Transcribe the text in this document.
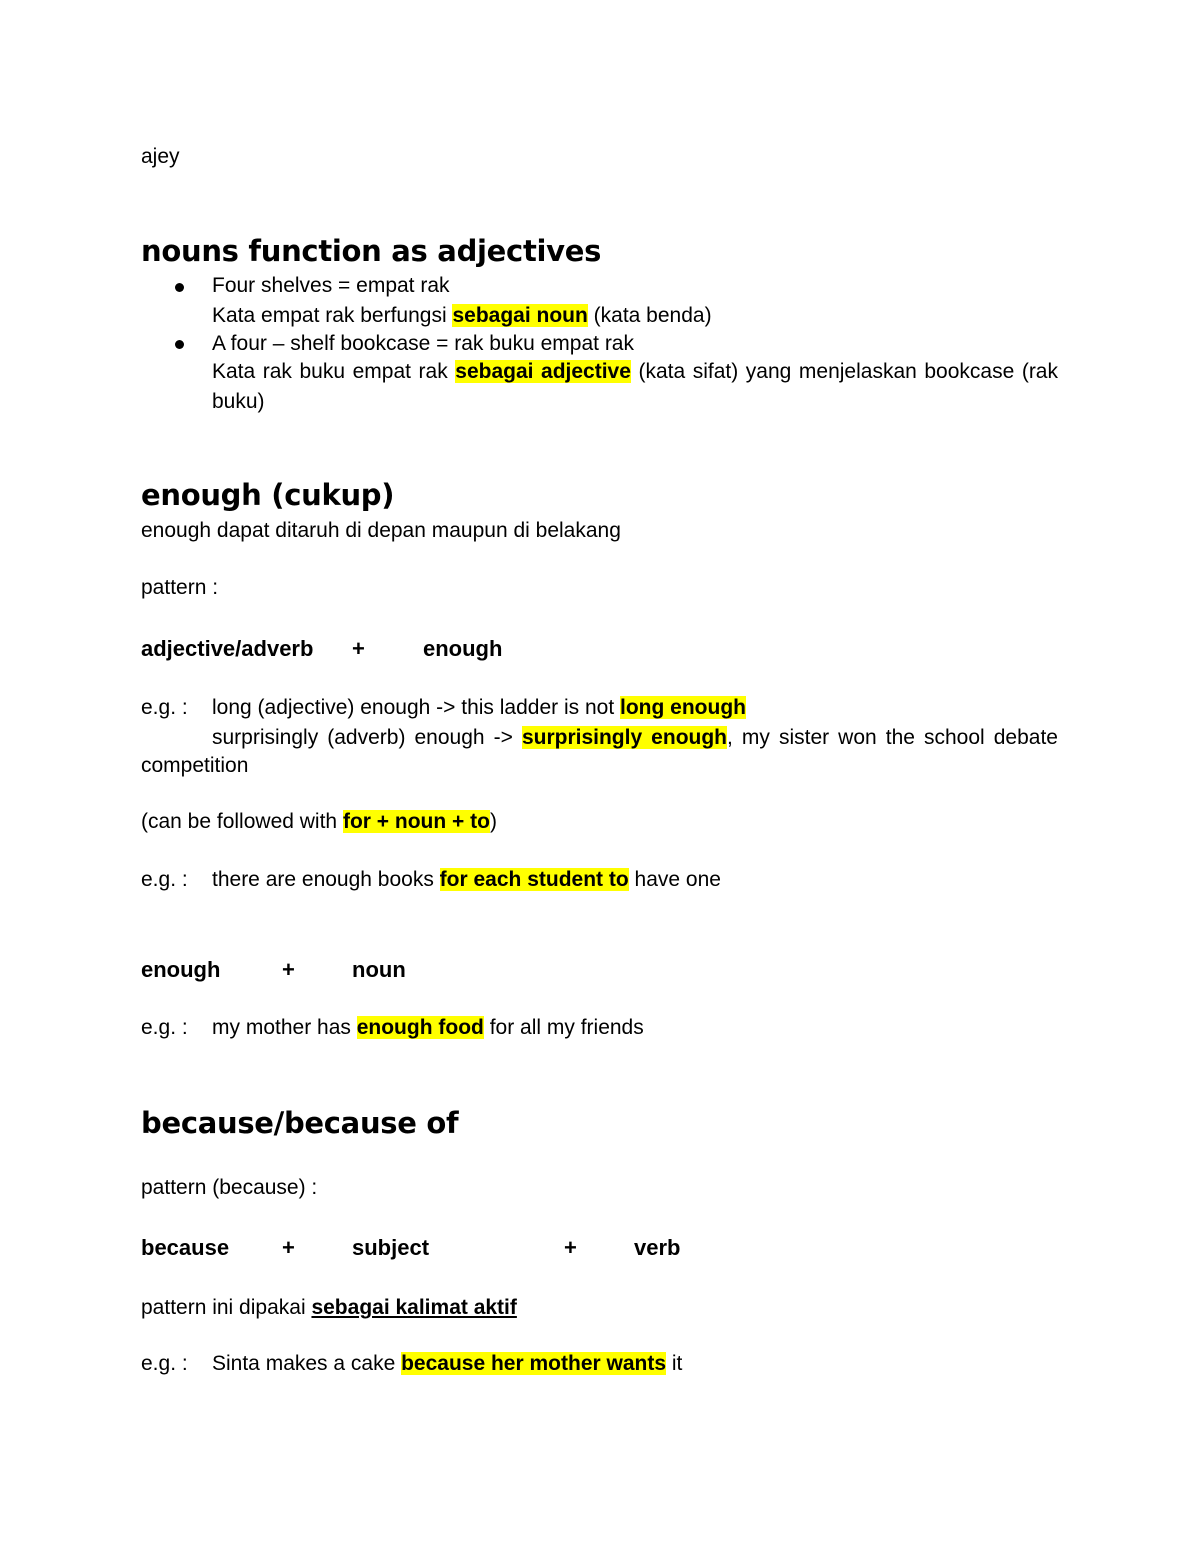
ajey
nouns function as adjectives
Four shelves = empat rak
Kata empat rak berfungsi sebagai noun (kata benda)
A four – shelf bookcase = rak buku empat rak
Kata rak buku empat rak sebagai adjective (kata sifat) yang menjelaskan bookcase (rak
buku)
enough (cukup)
enough dapat ditaruh di depan maupun di belakang
pattern :
adjective/adverb +	enough
e.g. : long (adjective) enough -> this ladder is not long enough
surprisingly (adverb) enough -> surprisingly enough, my sister won the school debate
competition
(can be followed with for + noun + to)
e.g. : there are enough books for each student to have one
enough	+	noun
e.g. : my mother has enough food for all my friends
because/because of
pattern (because) :
because +	subject	+	verb
pattern ini dipakai sebagai kalimat aktif
e.g. : Sinta makes a cake because her mother wants it
